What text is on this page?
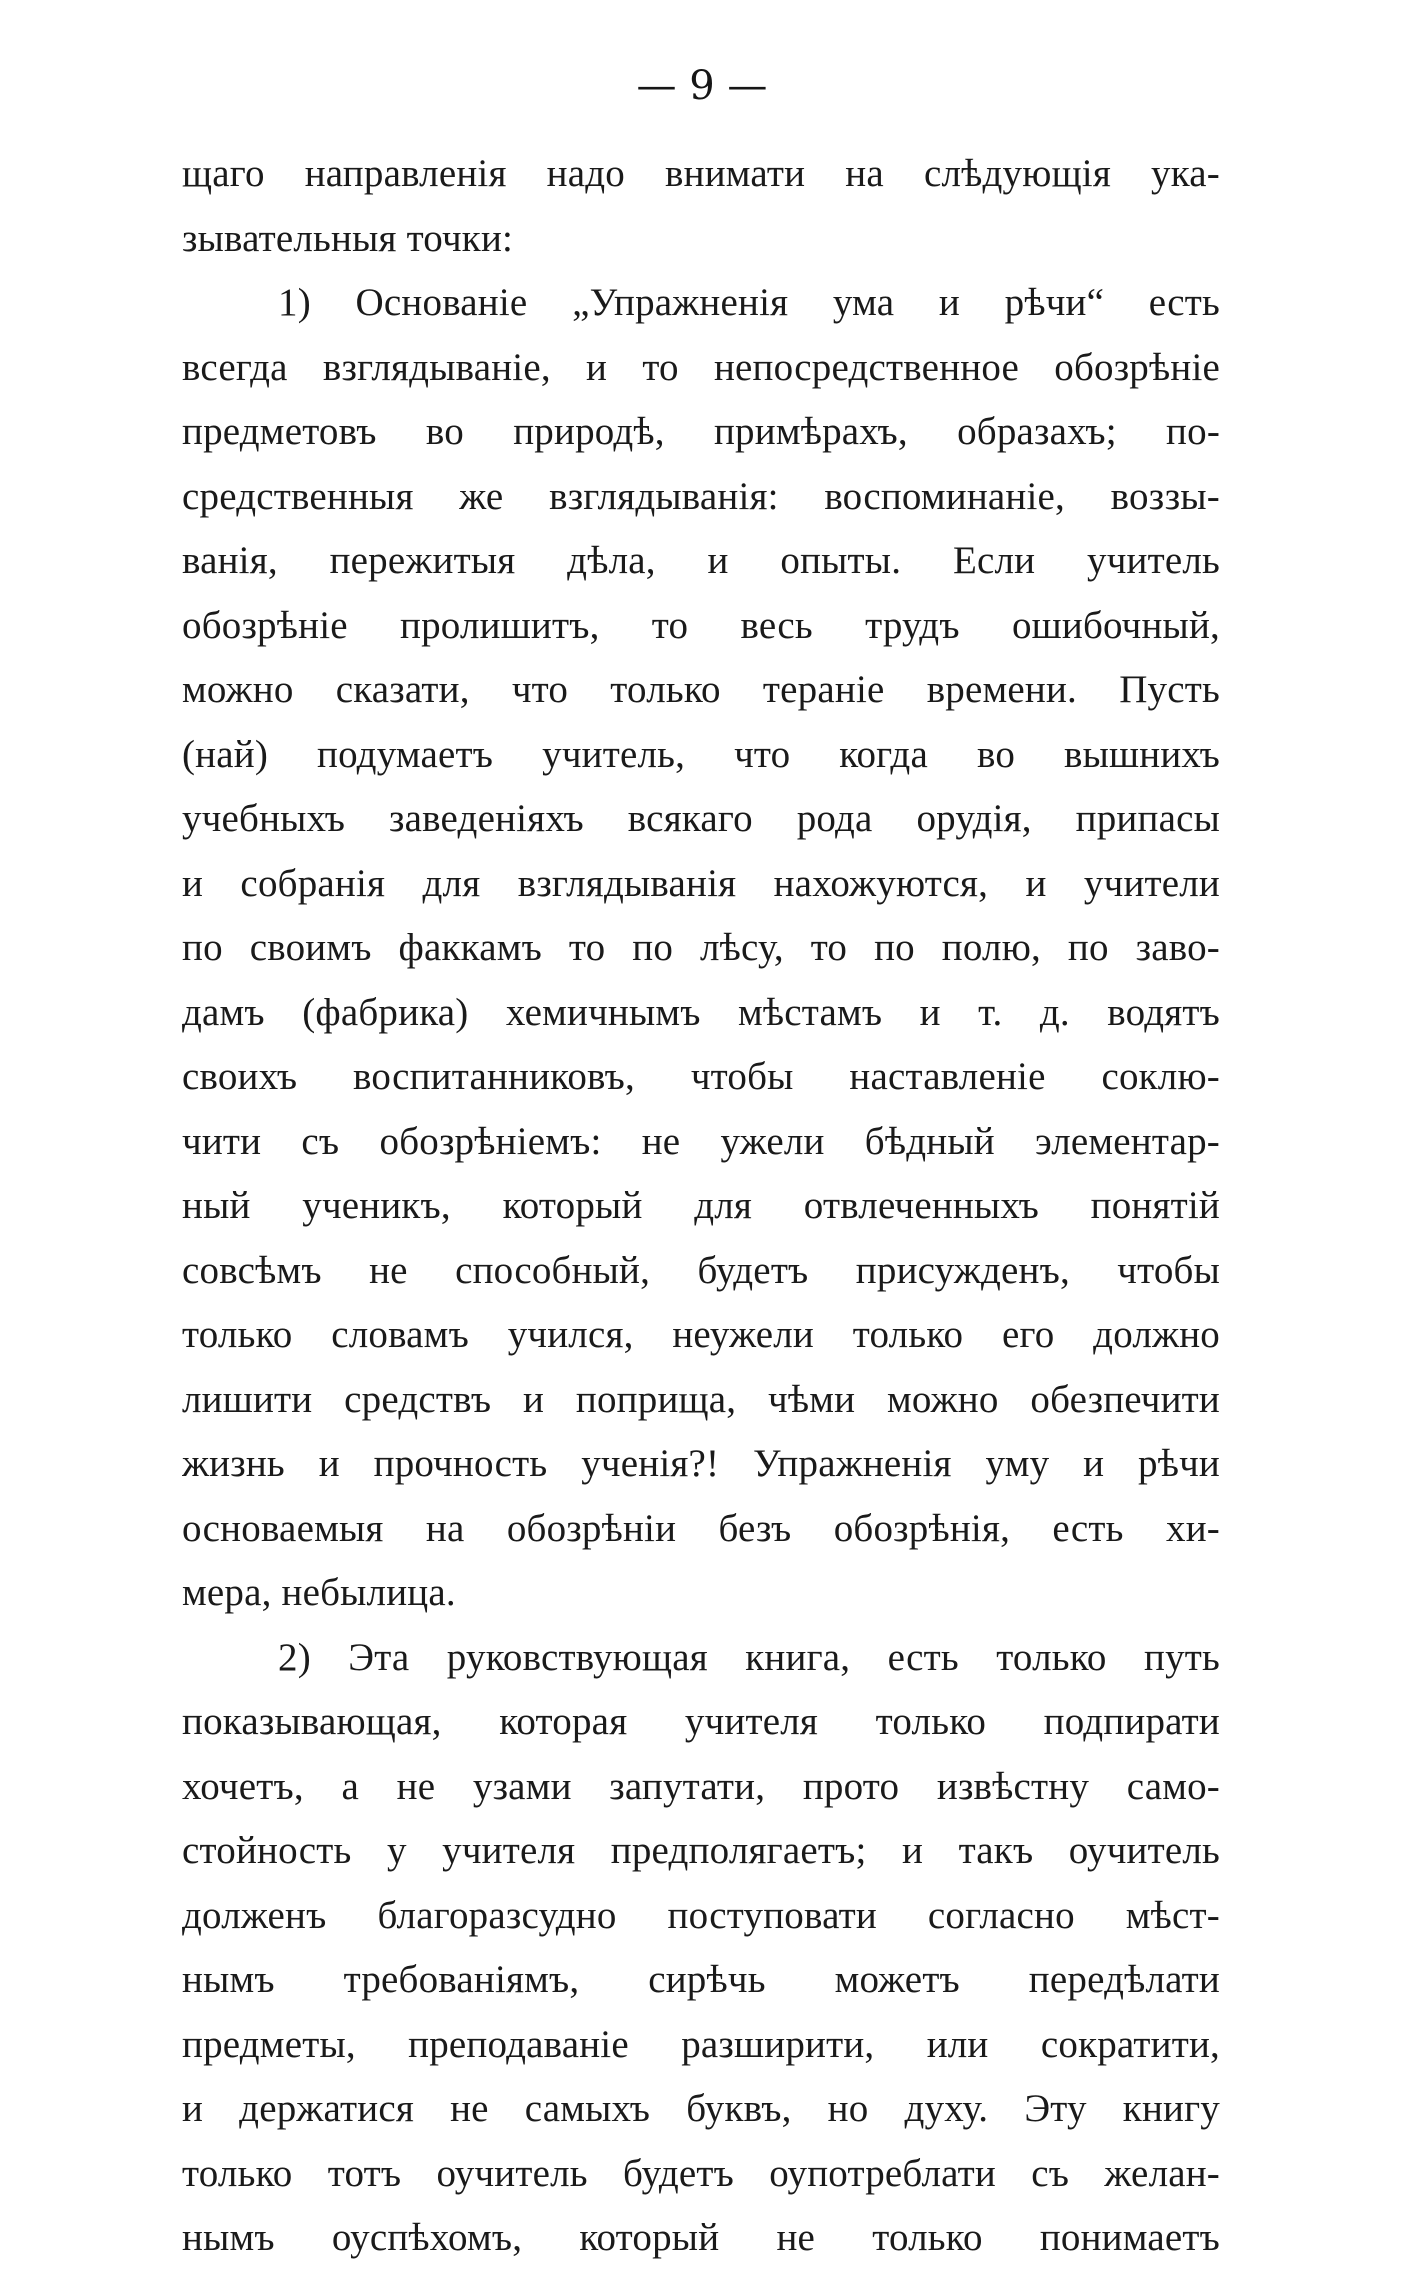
— 9 —
щаго направленія надо внимати на слѣдующія ука-
зывательныя точки:
1) Основаніе „Упражненія ума и рѣчи“ есть
всегда взглядываніе, и то непосредственное обозрѣніе
предметовъ во природѣ, примѣрахъ, образахъ; по-
средственныя же взглядыванія: воспоминаніе, воззы-
ванія, пережитыя дѣла, и опыты. Если учитель
обозрѣніе пролишитъ, то весь трудъ ошибочный,
можно сказати, что только тераніе времени. Пусть
(най) подумаетъ учитель, что когда во вышнихъ
учебныхъ заведеніяхъ всякаго рода орудія, припасы
и собранія для взглядыванія нахожуются, и учители
по своимъ факкамъ то по лѣсу, то по полю, по заво-
дамъ (фабрика) хемичнымъ мѣстамъ и т. д. водятъ
своихъ воспитанниковъ, чтобы наставленіе соклю-
чити съ обозрѣніемъ: не ужели бѣдный элементар-
ный ученикъ, который для отвлеченныхъ понятій
совсѣмъ не способный, будетъ присужденъ, чтобы
только словамъ учился, неужели только его должно
лишити средствъ и поприща, чѣми можно обезпечити
жизнь и прочность ученія?! Упражненія уму и рѣчи
основаемыя на обозрѣніи безъ обозрѣнія, есть хи-
мера, небылица.
2) Эта руковствующая книга, есть только путь
показывающая, которая учителя только подпирати
хочетъ, а не узами запутати, прото извѣстну само-
стойность у учителя предполягаетъ; и такъ оучитель
долженъ благоразсудно поступовати согласно мѣст-
нымъ требованіямъ, сирѣчь можетъ передѣлати
предметы, преподаваніе разширити, или сократити,
и держатися не самыхъ буквъ, но духу. Эту книгу
только тотъ оучитель будетъ оупотреблати съ желан-
нымъ оуспѣхомъ, который не только понимаетъ
